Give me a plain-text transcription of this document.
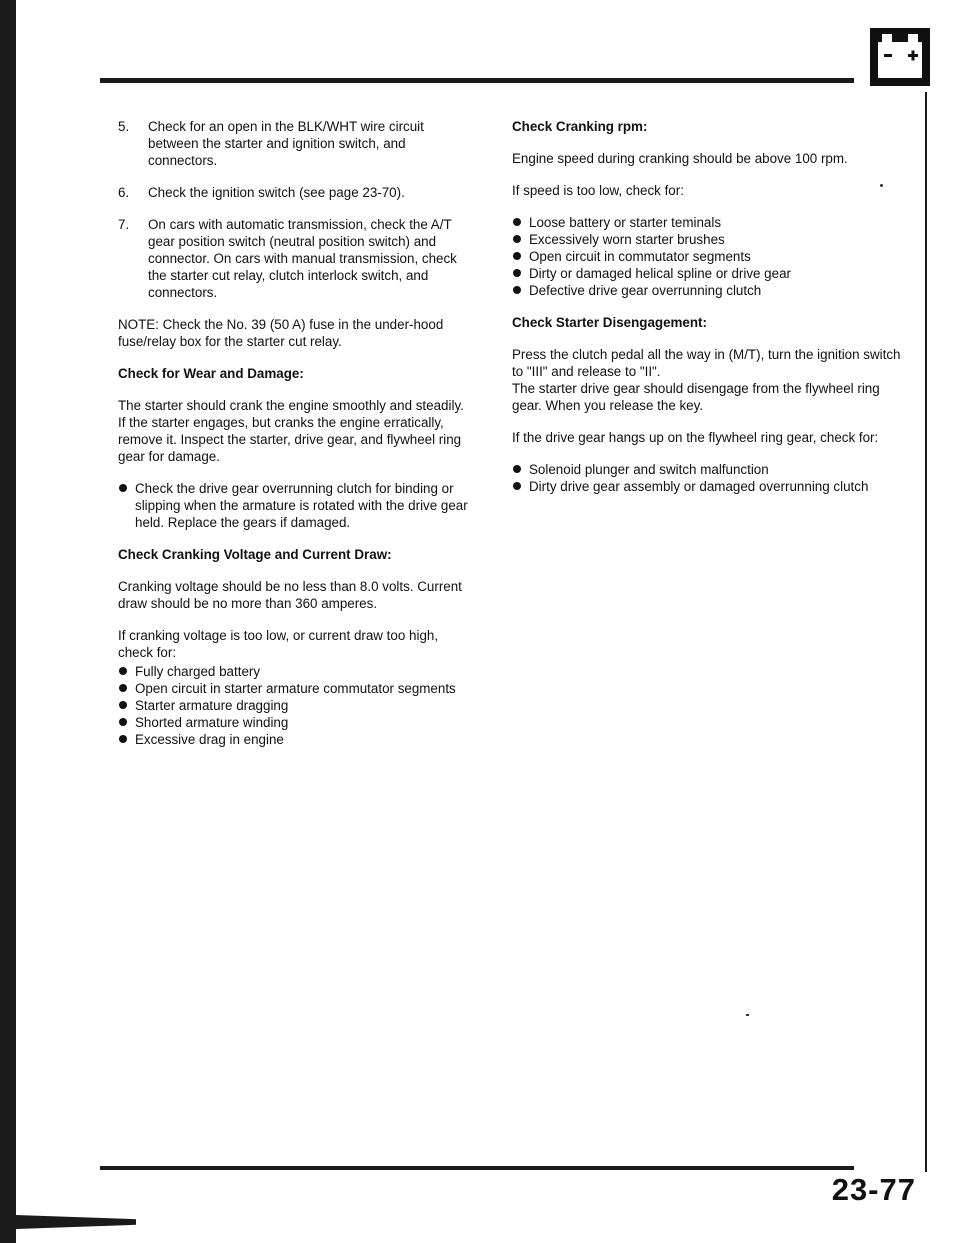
5.	Check for an open in the BLK/WHT wire circuit between the starter and ignition switch, and connectors.
6.	Check the ignition switch (see page 23-70).
7.	On cars with automatic transmission, check the A/T gear position switch (neutral position switch) and connector. On cars with manual transmission, check the starter cut relay, clutch interlock switch, and connectors.

NOTE: Check the No. 39 (50 A) fuse in the under-hood fuse/relay box for the starter cut relay.

Check for Wear and Damage:

The starter should crank the engine smoothly and steadily. If the starter engages, but cranks the engine erratically, remove it. Inspect the starter, drive gear, and flywheel ring gear for damage.

Check the drive gear overrunning clutch for binding or slipping when the armature is rotated with the drive gear held. Replace the gears if damaged.
Check Cranking Voltage and Current Draw:

Cranking voltage should be no less than 8.0 volts. Current draw should be no more than 360 amperes.

If cranking voltage is too low, or current draw too high, check for:

Fully charged battery
Open circuit in starter armature commutator segments
Starter armature dragging
Shorted armature winding
Excessive drag in engine
Check Cranking rpm:

Engine speed during cranking should be above 100 rpm.

If speed is too low, check for:

Loose battery or starter teminals
Excessively worn starter brushes
Open circuit in commutator segments
Dirty or damaged helical spline or drive gear
Defective drive gear overrunning clutch
Check Starter Disengagement:

Press the clutch pedal all the way in (M/T), turn the ignition switch to "III" and release to "II".

The starter drive gear should disengage from the flywheel ring gear. When you release the key.

If the drive gear hangs up on the flywheel ring gear, check for:

Solenoid plunger and switch malfunction
Dirty drive gear assembly or damaged overrunning clutch
23-77
